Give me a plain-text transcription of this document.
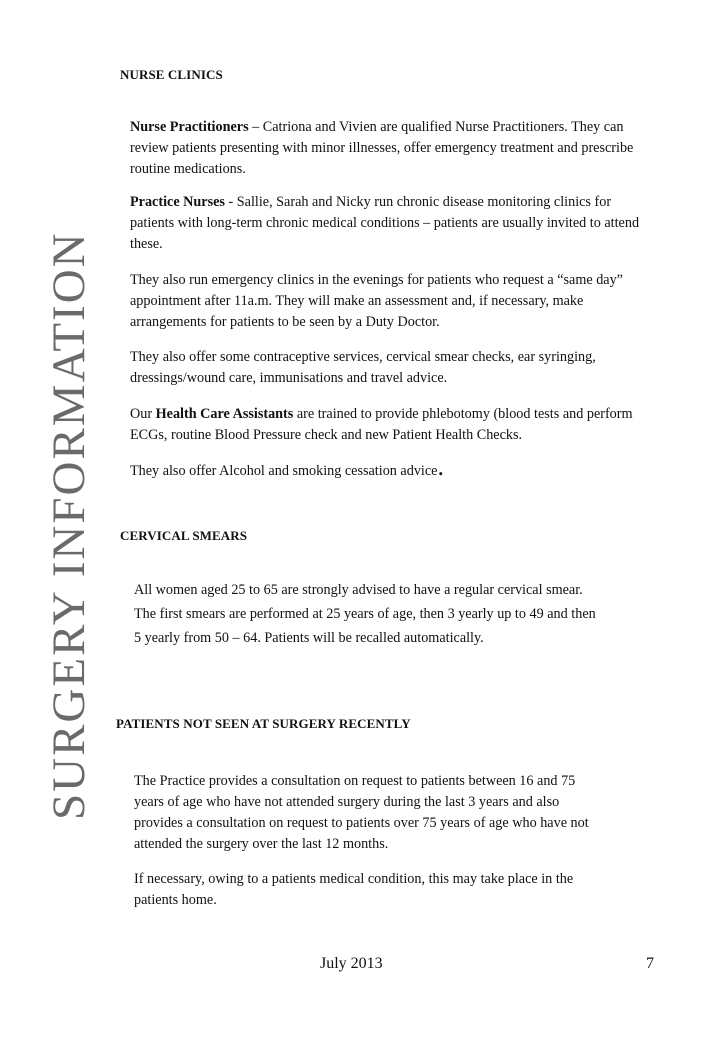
SURGERY INFORMATION
NURSE CLINICS
Nurse Practitioners – Catriona and Vivien are qualified Nurse Practitioners. They can review patients presenting with minor illnesses, offer emergency treatment and prescribe routine medications.
Practice Nurses - Sallie, Sarah and Nicky run chronic disease monitoring clinics for patients with long-term chronic medical conditions – patients are usually invited to attend these.
They also run emergency clinics in the evenings for patients who request a “same day” appointment after 11a.m. They will make an assessment and, if necessary, make arrangements for patients to be seen by a Duty Doctor.
They also offer some contraceptive services, cervical smear checks, ear syringing, dressings/wound care, immunisations and travel advice.
Our Health Care Assistants are trained to provide phlebotomy (blood tests and perform ECGs, routine Blood Pressure check and new Patient Health Checks.
They also offer Alcohol and smoking cessation advice.
CERVICAL SMEARS
All women aged 25 to 65 are strongly advised to have a regular cervical smear. The first smears are performed at 25 years of age, then 3 yearly up to 49 and then 5 yearly from 50 – 64. Patients will be recalled automatically.
PATIENTS NOT SEEN AT SURGERY RECENTLY
The Practice provides a consultation on request to patients between 16 and 75 years of age who have not attended surgery during the last 3 years and also provides a consultation on request to patients over 75 years of age who have not attended the surgery over the last 12 months.
If necessary, owing to a patients medical condition, this may take place in the patients home.
July 2013	7
